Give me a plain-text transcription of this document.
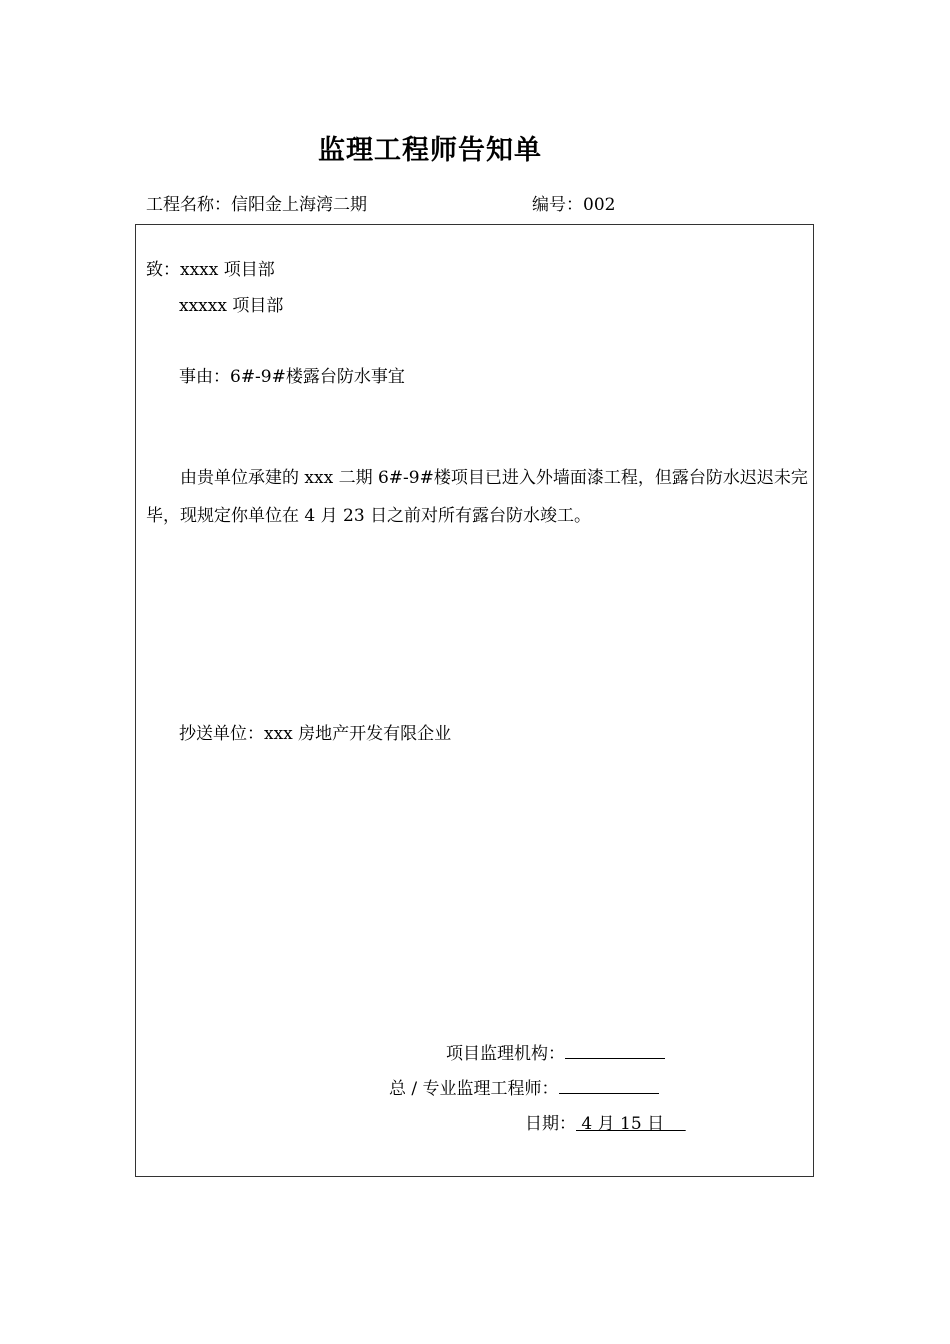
监理工程师告知单
工程名称：信阳金上海湾二期	编号：002
致：xxxx 项目部
xxxxx 项目部
事由：6#-9#楼露台防水事宜
由贵单位承建的 xxx 二期 6#-9#楼项目已进入外墙面漆工程，但露台防水迟迟未完毕，现规定你单位在 4 月 23 日之前对所有露台防水竣工。
抄送单位：xxx 房地产开发有限企业
项目监理机构：
总 / 专业监理工程师：
日期： 4 月 15 日
